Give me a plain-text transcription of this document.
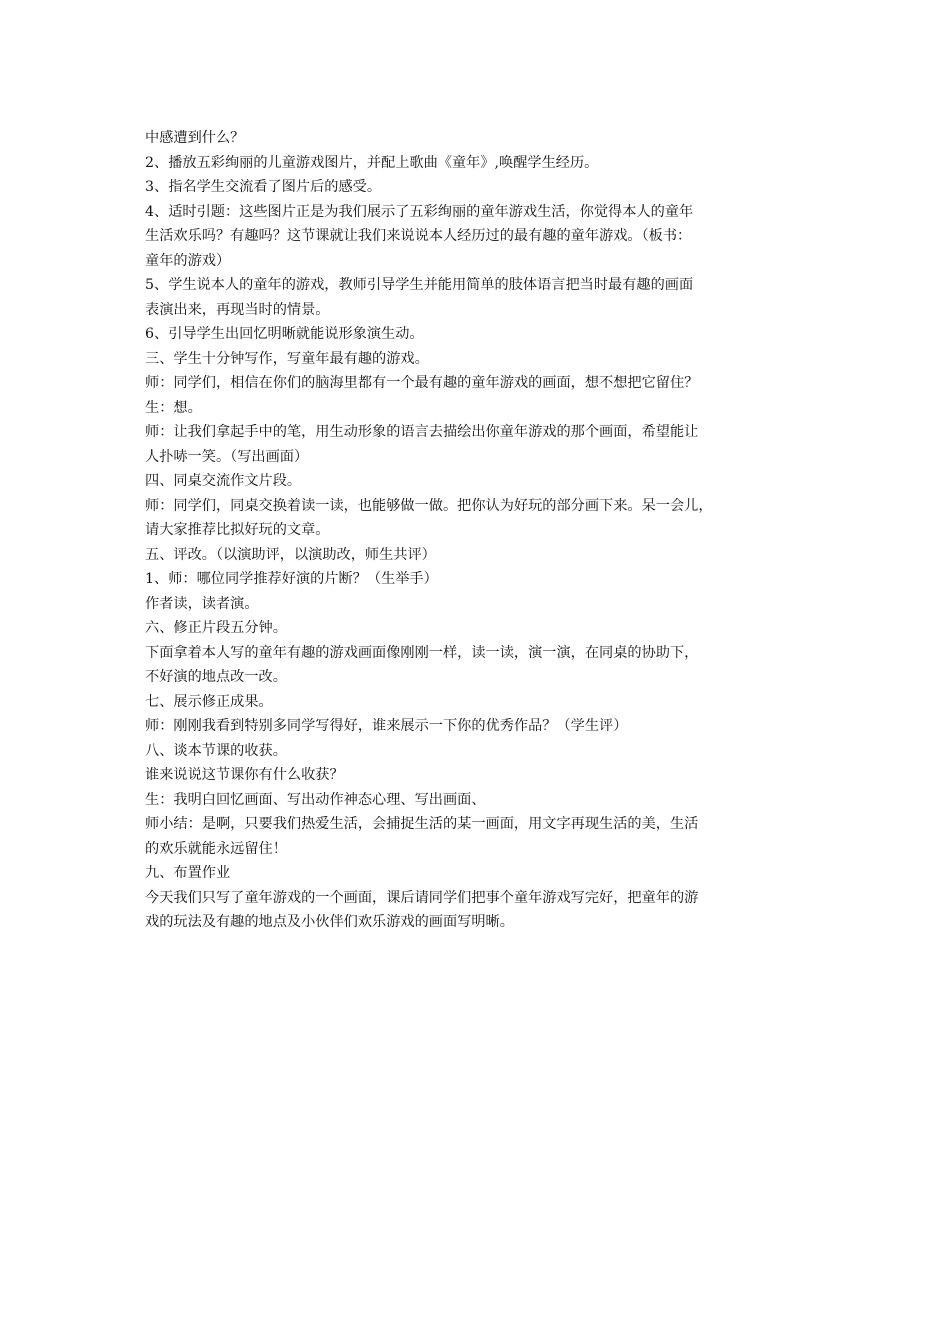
中感遭到什么？
2、播放五彩绚丽的儿童游戏图片，并配上歌曲《童年》,唤醒学生经历。
3、指名学生交流看了图片后的感受。
4、适时引题：这些图片正是为我们展示了五彩绚丽的童年游戏生活，你觉得本人的童年
生活欢乐吗？有趣吗？这节课就让我们来说说本人经历过的最有趣的童年游戏。（板书：
童年的游戏）
5、学生说本人的童年的游戏，教师引导学生并能用简单的肢体语言把当时最有趣的画面
表演出来，再现当时的情景。
6、引导学生出回忆明晰就能说形象演生动。
三、学生十分钟写作，写童年最有趣的游戏。
师：同学们，相信在你们的脑海里都有一个最有趣的童年游戏的画面，想不想把它留住？
生：想。
师：让我们拿起手中的笔，用生动形象的语言去描绘出你童年游戏的那个画面，希望能让
人扑哧一笑。（写出画面）
四、同桌交流作文片段。
师：同学们，同桌交换着读一读，也能够做一做。把你认为好玩的部分画下来。呆一会儿，
请大家推荐比拟好玩的文章。
五、评改。（以演助评，以演助改，师生共评）
1、师：哪位同学推荐好演的片断？（生举手）
作者读，读者演。
六、修正片段五分钟。
下面拿着本人写的童年有趣的游戏画面像刚刚一样，读一读，演一演，在同桌的协助下，
不好演的地点改一改。
七、展示修正成果。
师：刚刚我看到特别多同学写得好，谁来展示一下你的优秀作品？（学生评）
八、谈本节课的收获。
谁来说说这节课你有什么收获？
生：我明白回忆画面、写出动作神态心理、写出画面、
师小结：是啊，只要我们热爱生活，会捕捉生活的某一画面，用文字再现生活的美，生活
的欢乐就能永远留住！
九、布置作业
今天我们只写了童年游戏的一个画面，课后请同学们把事个童年游戏写完好，把童年的游
戏的玩法及有趣的地点及小伙伴们欢乐游戏的画面写明晰。
